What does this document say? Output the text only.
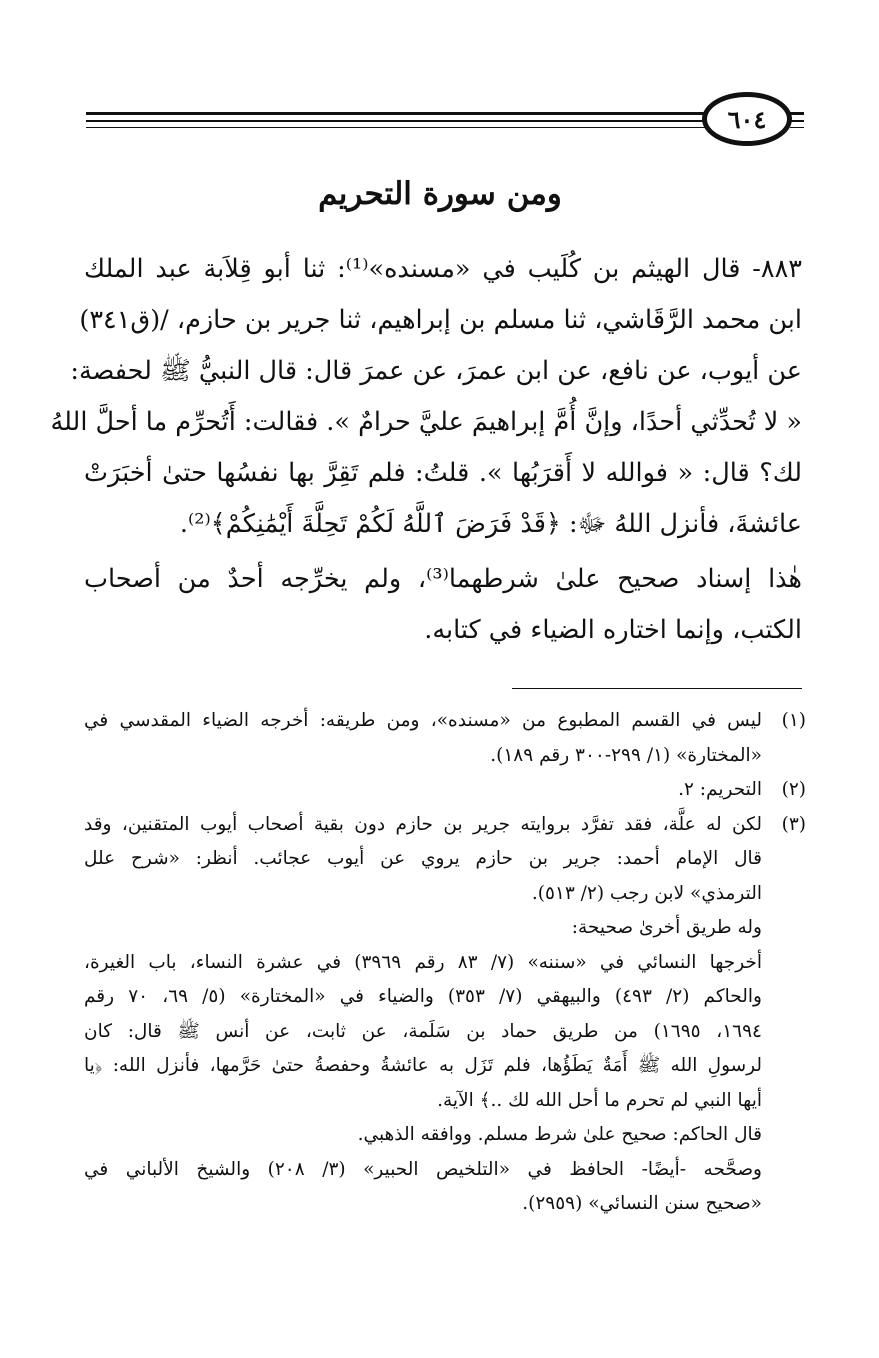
٦٠٤
ومن سورة التحريم

٨٨٣- قال الهيثم بن كُلَيب في «مسنده»⁽¹⁾: ثنا أبو قِلاَبة عبد الملك
ابن محمد الرَّقَاشي، ثنا مسلم بن إبراهيم، ثنا جرير بن حازم، /(ق٣٤١)
عن أيوب، عن نافع، عن ابن عمرَ، عن عمرَ قال: قال النبيُّ ﷺ لحفصة:
« لا تُحدِّثي أحدًا، وإنَّ أُمَّ إبراهيمَ عليَّ حرامٌ ». فقالت: أَتُحرِّم ما أحلَّ اللهُ
لك؟ قال: « فوالله لا أَقرَبُها ». قلتُ: فلم تَقِرَّ بها نفسُها حتىٰ أخبَرَتْ
عائشةَ، فأنزل اللهُ ﷻ: ﴿قَدْ فَرَضَ ٱللَّهُ لَكُمْ تَحِلَّةَ أَيْمَٰنِكُمْ﴾⁽²⁾.

هٰذا إسناد صحيح علىٰ شرطهما⁽³⁾، ولم يخرِّجه أحدٌ من أصحاب
الكتب، وإنما اختاره الضياء في كتابه.

(١)
ليس في القسم المطبوع من «مسنده»، ومن طريقه: أخرجه الضياء المقدسي في
«المختارة» (١/ ٢٩٩-٣٠٠ رقم ١٨٩).
(٢)
التحريم: ٢.
(٣)
لكن له علَّة، فقد تفرَّد بروايته جرير بن حازم دون بقية أصحاب أيوب المتقنين، وقد
قال الإمام أحمد: جرير بن حازم يروي عن أيوب عجائب. أنظر: «شرح علل
الترمذي» لابن رجب (٢/ ٥١٣).
وله طريق أخرىٰ صحيحة:
أخرجها النسائي في «سننه» (٧/ ٨٣ رقم ٣٩٦٩) في عشرة النساء، باب الغيرة،
والحاكم (٢/ ٤٩٣) والبيهقي (٧/ ٣٥٣) والضياء في «المختارة» (٥/ ٦٩، ٧٠ رقم
١٦٩٤، ١٦٩٥) من طريق حماد بن سَلَمة، عن ثابت، عن أنس ﷺ قال: كان
لرسولِ الله ﷺ أَمَةٌ يَطَؤُها، فلم تَزَل به عائشةُ وحفصةُ حتىٰ حَرَّمها، فأنزل الله: ﴿يا
أيها النبي لم تحرم ما أحل الله لك ..﴾ الآية.
قال الحاكم: صحيح علىٰ شرط مسلم. ووافقه الذهبي.
وصحَّحه -أيضًا- الحافظ في «التلخيص الحبير» (٣/ ٢٠٨) والشيخ الألباني في
«صحيح سنن النسائي» (٢٩٥٩).
